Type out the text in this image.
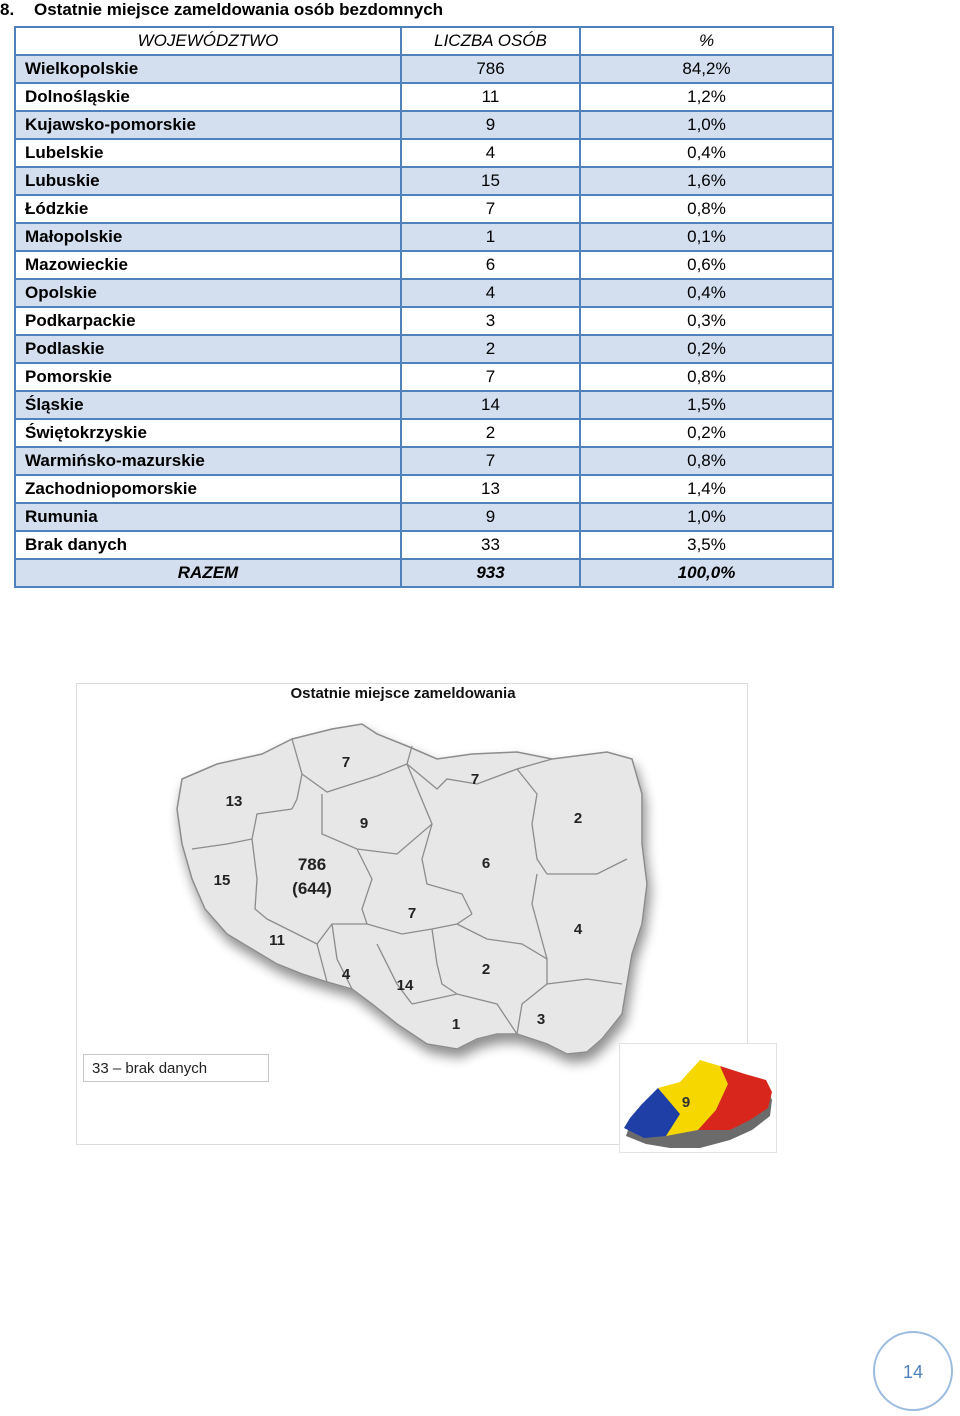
8. Ostatnie miejsce zameldowania osób bezdomnych
WOJEWÓDZTWO	LICZBA OSÓB	%
Wielkopolskie	786	84,2%
Dolnośląskie	11	1,2%
Kujawsko-pomorskie	9	1,0%
Lubelskie	4	0,4%
Lubuskie	15	1,6%
Łódzkie	7	0,8%
Małopolskie	1	0,1%
Mazowieckie	6	0,6%
Opolskie	4	0,4%
Podkarpackie	3	0,3%
Podlaskie	2	0,2%
Pomorskie	7	0,8%
Śląskie	14	1,5%
Świętokrzyskie	2	0,2%
Warmińsko-mazurskie	7	0,8%
Zachodniopomorskie	13	1,4%
Rumunia	9	1,0%
Brak danych	33	3,5%
RAZEM	933	100,0%
Ostatnie miejsce zameldowania
7
13
7
9	2
15
786
(644)
6
7
11
4
4
14
2
1	3
33 – brak danych
9
14
